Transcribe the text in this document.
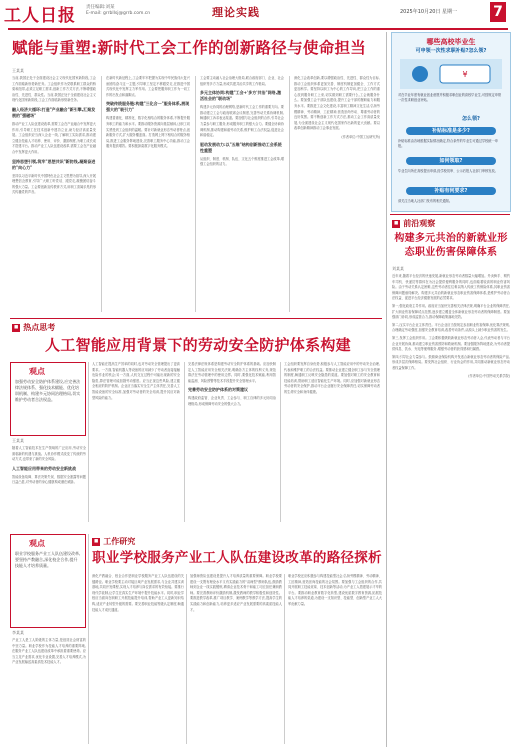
工人日报 责任编辑:刘某
E-mail: grrbllsj@grrb.com.cn	理论实践	2025年10月20日 星期一	7
赋能与重塑:新时代工会工作的创新路径与使命担当
王某某
当前,我国正处于全面建设社会主义现代化国家新阶段,工会工作面临新形势新任务。工会组织作为党联系职工群众的桥梁和纽带,必须立足职工需求,创新工作方式方法,不断增强政治性、先进性、群众性。当前,我国正处于全面建设社会主义现代化国家新阶段,工会工作面临新形势新任务。
融入经济大循环:打造"产业融合"新引擎,汇聚发展的"强磁场"
推动产业工人队伍建设改革,需要工会在产业融合中发挥更大作用,引导职工在技术创新中建功立业,助力经济高质量发展。工会组织应当深入企业一线,了解职工实际需求,推动建立健全技能人才培养、使用、评价、激励制度,为职工成长成才搭建平台。推动产业工人队伍建设改革,需要工会在产业融合中发挥更大作用。
坚持思想引领,筑牢"思想共识"新防线,凝聚奋进的"向心力"
坚持以习近平新时代中国特色社会主义思想为指导,深入开展理想信念教育,引导广大职工听党话、跟党走,凝聚团结奋斗的强大力量。工会要创新宣传教育方式,用职工喜闻乐见的形式传播党的声音。
在新时代新征程上,工会要牢牢把握为实现中华民族伟大复兴而团结奋斗这一主题,引导职工坚定不移跟党走,在推进中国式现代化中发挥主力军作用。工会要把服务职工作为一切工作的出发点和落脚点。
突破传统服务链:构建"三化合一"服务体系,展现强大的"吸引力"
构建普惠化、精准化、数字化相结合的服务体系,不断提升服务职工的能力和水平。要推动服务资源向基层倾斜,让职工切实感受到工会组织的温暖。要针对新就业形态劳动者特点,创新服务方式,扩大服务覆盖面。打造网上网下相结合的服务格局,推进工会服务阵地建设,完善职工服务中心功能,推动工会服务提质增效。要积极探索数字化服务模式。
工会要主动融入社会治理大格局,联合政府部门、企业、社会组织等多方力量,形成共建共治共享的工作格局。
多元主体协同:构建"工会+'多方'共治"网络,激活社会的"联动场"
构建多元协同的治理网络,是新时代工会工作的重要方向。要推动建立工会与政府联席会议制度,完善劳动关系协调机制,畅通职工诉求表达渠道。要加强与社会组织的合作,引导社会力量参与职工服务,形成服务职工的强大合力。要健全协商协调机制,推动构建和谐劳动关系,维护职工合法权益,促进社会和谐稳定。
驱动发展动力:以"五维"结构创新推动工会系统性重塑
从组织、制度、机制、队伍、文化五个维度推进工会改革,增强工会组织的活力。
深化工会改革创新,要以增强政治性、先进性、群众性为目标,推动工会组织体系更加完善、制度机制更加健全、工作方式更加科学。要坚持以职工为中心的工作导向,把工会工作的重心放到服务职工上来,切实做到职工需要什么,工会就服务什么。要加强工会干部队伍建设,提升工会干部的履职能力和服务水平。要推进工会文化建设,丰富职工精神文化生活,弘扬劳模精神、劳动精神、工匠精神,营造崇尚劳动、尊重劳动者的良好氛围。要不断创新工作方式方法,推动工会工作高质量发展,为全面建设社会主义现代化国家作出新的更大贡献。要以改革创新精神推动工会事业发展。
(作者单位:中国工运研究所)
■ 热点思考
人工智能应用背景下的劳动安全防护体系构建
观点
加强劳动安全防护体系建设,应完善法律法规体系、强化技术赋能、优化培训机制、构建多元协同治理格局,切实维护劳动者合法权益。
王某某
随着人工智能技术在生产领域的广泛应用,劳动安全面临新的机遇与挑战。人机协作模式改变了传统的劳动方式,也带来了新的安全风险。
人工智能应用带来的劳动安全新挑战
智能设备故障、算法决策失误、数据安全泄露等问题日益凸显,对劳动者的身心健康构成潜在威胁。
人工智能在提高生产效率的同时,也对劳动安全管理提出了更高要求。一方面,智能机器人等设备的应用减少了劳动者直接接触危险作业的机会;另一方面,人机交互过程中可能出现新的安全隐患,算法管理可能加剧劳动强度。应当正视这些风险,建立健全相应的防护机制。企业应当落实安全生产主体责任,完善人工智能设备的安全标准,加强对劳动者的安全培训,提升其应对新型风险的能力。
完善法律法规体系是构建劳动安全防护体系的基础。应加快制定人工智能应用安全相关法规,明确各方主体的权利义务,规范算法在劳动管理中的使用边界。同时,要强化技术赋能,利用智能监测、风险预警等技术手段提升安全管理水平。
完善劳动安全防护体系的对策建议
构建政府监管、企业负责、工会参与、职工自律的多元协同治理格局,形成保障劳动安全的强大合力。
工会组织要发挥自身优势,积极参与人工智能应用中的劳动安全治理,代表和维护职工的合法权益。要推动企业建立健全职工参与安全管理的制度,畅通职工反映安全隐患的渠道。要加强对职工的安全教育和技能培训,帮助职工适应智能化生产环境。同时,应加强对新就业形态劳动者的安全保护,推动平台企业履行安全保障责任,切实保障劳动者的生命安全和身体健康。
观点
职业学校服务产业工人队伍建设改革,要坚持产教融合,深化校企合作,提升技能人才培养质量。
李某某
产业工人是工人阶级的主体力量,是创造社会财富的中坚力量。职业学校作为技能人才培养的重要阵地,在服务产业工人队伍建设改革中承担着重要使命。应当立足产业需求,优化专业设置,完善人才培养模式,为产业发展输送高素质技术技能人才。
■ 工作研究
职业学校服务产业工人队伍建设改革的路径探析
深化产教融合、校企合作是职业学校服务产业工人队伍建设的关键路径。职业学校要主动对接区域产业发展需求,与企业共建实训基地,共同开发课程,实现人才培养与岗位需求的有效衔接。要推行现代学徒制,让学生在真实生产环境中提升技能水平。同时,职业学校应当面向在职职工开展技能提升培训,帮助产业工人更新知识结构,适应产业转型升级的需要。要完善职业技能等级认定制度,畅通技能人才成长通道。
加强师资队伍建设是提升人才培养质量的重要保障。职业学校要建设一支既有理论水平又有实践能力的"双师型"教师队伍,鼓励教师到企业一线实践锻炼,聘请企业技术骨干和能工巧匠担任兼职教师。要完善教师评价激励机制,激发教师的教学积极性和创造性。要推进教学改革,推广项目教学、案例教学等教学方法,提高学生的实践能力和创新能力,培养更多适应产业发展需要的高素质技能人才。
职业学校还应积极参与构建技能型社会,弘扬劳模精神、劳动精神、工匠精神,营造崇尚技能的社会氛围。要加强与工会组织的合作,共同开展职工技能竞赛、技术创新等活动,为产业工人搭建展示才华的平台。要推动职业教育数字化转型,建设优质数字教育资源,拓展技能人才培养的渠道,为建设一支知识型、技能型、创新型产业工人大军贡献力量。
哪些高校毕业生
可申领一次性求职补贴?怎么领?
¥
对在毕业年度有就业创业意愿并积极求职创业的高校毕业生,可按规定申领一次性求职创业补贴。
怎么领?
补贴标准是多少?
补贴标准由各地根据实际情况确定,符合条件的毕业生可通过学校统一申报。
如何领取?
毕业生向所在高校提出申请,经学校初审、公示后报人社部门审核发放。
补贴有何要求?
请关注当地人社部门发布的相关通知。
■ 前沿观察
构建多元共治的新就业形态职业伤害保障体系
刘某某
近年来,随着平台经济的快速发展,新就业形态劳动者数量大幅增加。外卖骑手、网约车司机、快递员等群体在为社会提供便利服务的同时,也面临着较高的职业伤害风险。由于劳动关系认定困难,这些劳动者往往难以纳入传统工伤保险体系,其职业伤害保障问题亟待解决。构建多元共治的新就业形态职业伤害保障体系,是维护劳动者合法权益、促进平台经济健康发展的必然要求。
第一,强化政府主导作用。政府应当加快完善相关法律法规,明确平台企业的保障责任,扩大职业伤害保障试点范围,逐步建立覆盖全体新就业形态劳动者的保障制度。要加强部门协同,形成监管合力,推动保障政策落地见效。
第二,压实平台企业主体责任。平台企业应当按规定参加职业伤害保障,优化算法规则,合理确定劳动强度,加强安全教育培训,改善劳动条件,从源头上减少职业伤害的发生。
第三,发挥工会组织作用。工会要积极吸收新就业形态劳动者入会,代表劳动者与平台企业开展协商,推动建立职业伤害预防和救助机制。要加强服务阵地建设,为劳动者提供休息、饮水、充电等便利服务,增强劳动者的获得感和归属感。
第四,引导社会力量参与。鼓励商业保险机构开发适合新就业形态劳动者的保险产品,形成多层次保障格局。要发挥社会组织、行业协会的作用,共同推动新就业形态劳动者权益保障工作。
(作者单位:中国劳动关系学院)
